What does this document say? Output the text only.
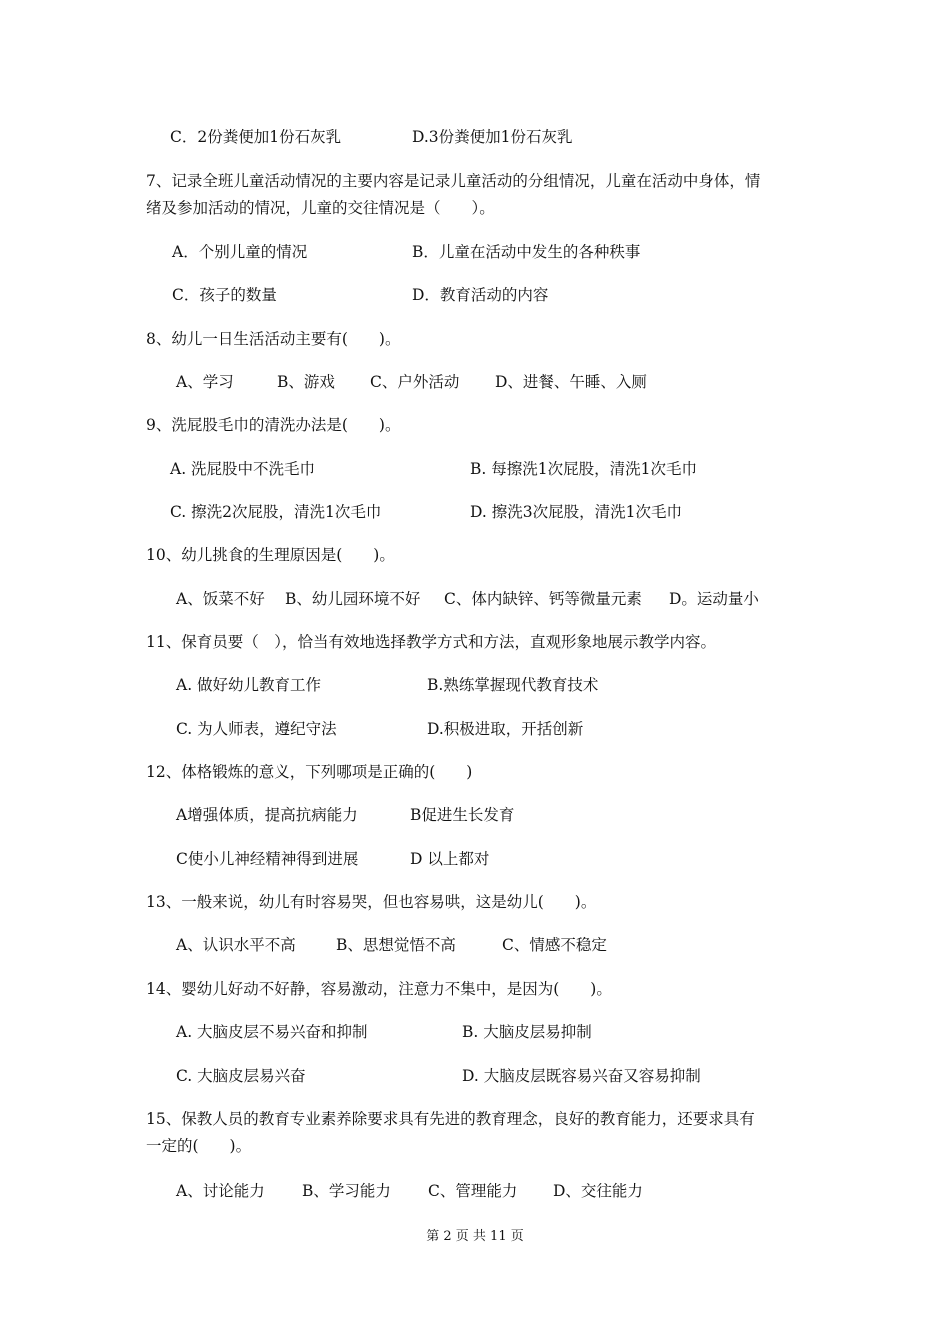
C．2份粪便加1份石灰乳	D.3份粪便加1份石灰乳
7、记录全班儿童活动情况的主要内容是记录儿童活动的分组情况，儿童在活动中身体，情
绪及参加活动的情况，儿童的交往情况是（　　）。
A．个别儿童的情况	B．儿童在活动中发生的各种秩事
C．孩子的数量	D．教育活动的内容
8、幼儿一日生活活动主要有(　　)。
A、学习	B、游戏 C、户外活动 D、进餐、午睡、入厕
9、洗屁股毛巾的清洗办法是(　　)。
A. 洗屁股中不洗毛巾	B. 每擦洗1次屁股，清洗1次毛巾
C. 擦洗2次屁股，清洗1次毛巾	D. 擦洗3次屁股，清洗1次毛巾
10、幼儿挑食的生理原因是(　　)。
A、饭菜不好 B、幼儿园环境不好 C、体内缺锌、钙等微量元素 D。运动量小
11、保育员要（　），恰当有效地选择教学方式和方法，直观形象地展示教学内容。
A. 做好幼儿教育工作	B.熟练掌握现代教育技术
C. 为人师表，遵纪守法	D.积极进取，开括创新
12、体格锻炼的意义，下列哪项是正确的(　　)
A增强体质，提高抗病能力	B促进生长发育
C使小儿神经精神得到进展	D 以上都对
13、一般来说，幼儿有时容易哭，但也容易哄，这是幼儿(　　)。
A、认识水平不高	B、思想觉悟不高	C、情感不稳定
14、婴幼儿好动不好静，容易激动，注意力不集中，是因为(　　)。
A. 大脑皮层不易兴奋和抑制	B. 大脑皮层易抑制
C. 大脑皮层易兴奋	D. 大脑皮层既容易兴奋又容易抑制
15、保教人员的教育专业素养除要求具有先进的教育理念，良好的教育能力，还要求具有
一定的(　　)。
A、讨论能力 B、学习能力 C、管理能力 D、交往能力
第 2 页 共 11 页
